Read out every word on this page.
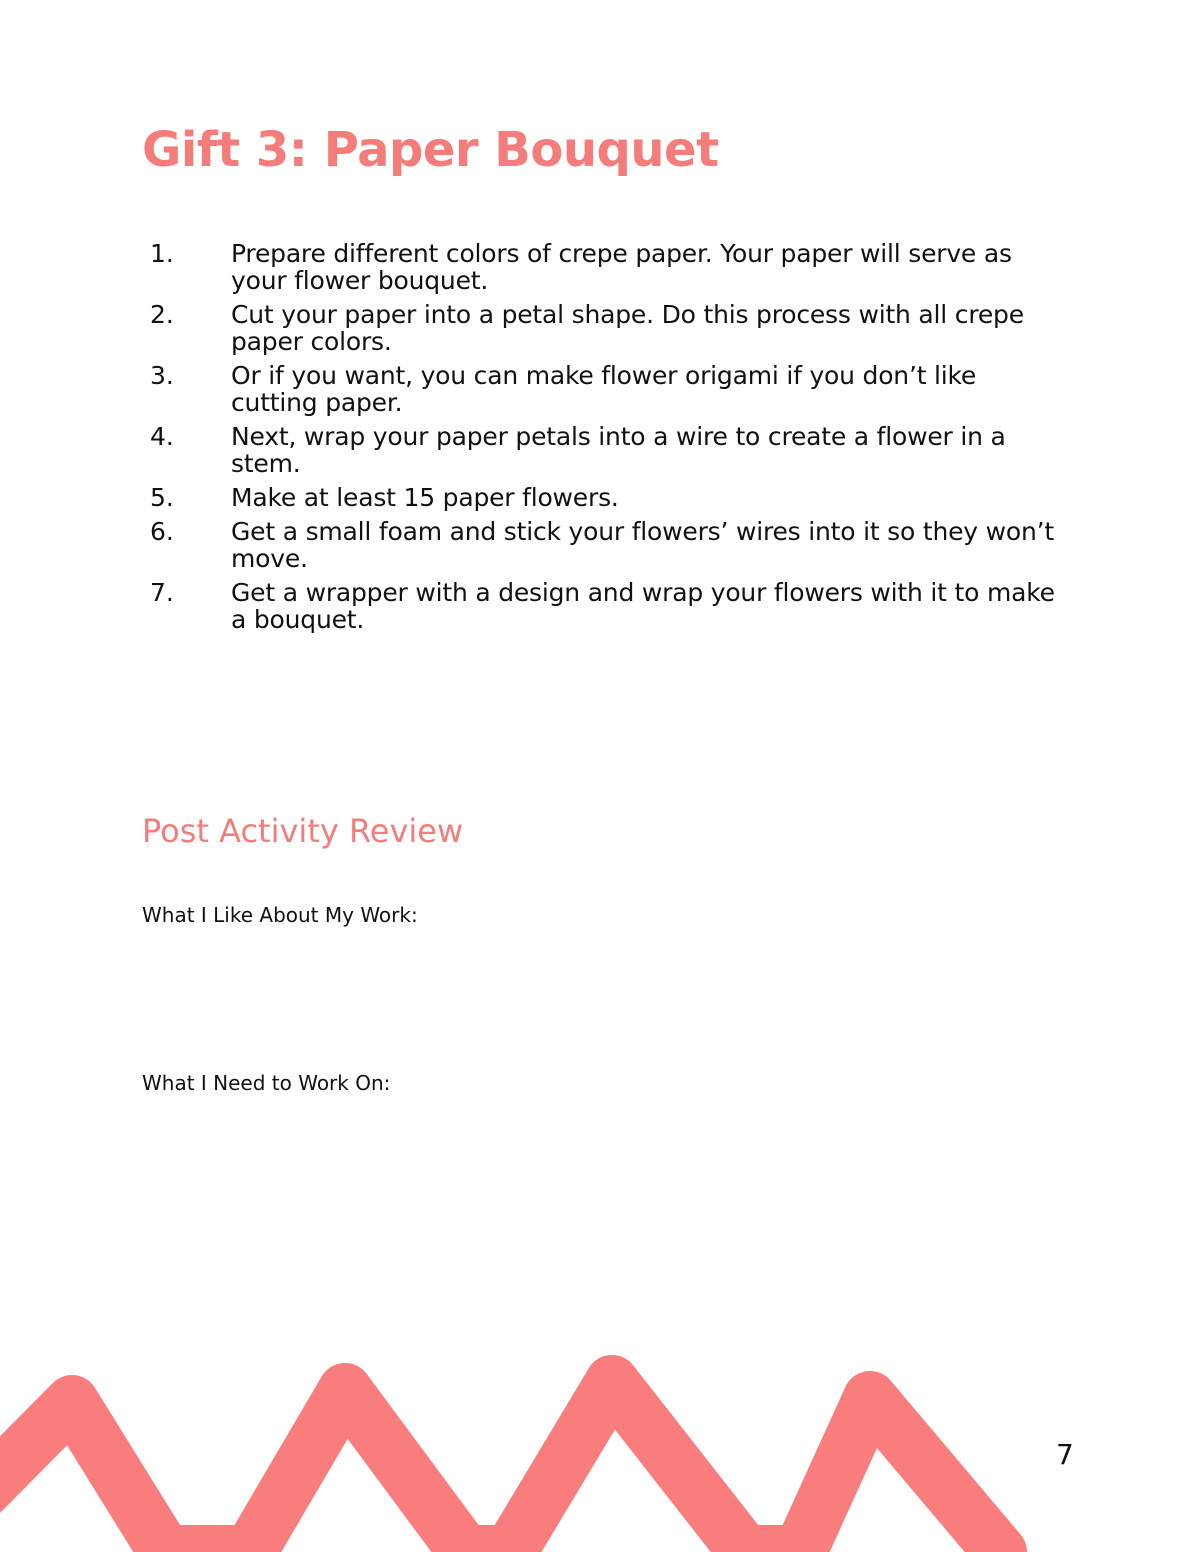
Gift 3: Paper Bouquet
1.	Prepare different colors of crepe paper. Your paper will serve as your flower bouquet.
2.	Cut your paper into a petal shape. Do this process with all crepe paper colors.
3.	Or if you want, you can make flower origami if you don’t like cutting paper.
4.	Next, wrap your paper petals into a wire to create a flower in a stem.
5.	Make at least 15 paper flowers.
6.	Get a small foam and stick your flowers’ wires into it so they won’t move.
7.	Get a wrapper with a design and wrap your flowers with it to make a bouquet.
Post Activity Review

What I Like About My Work:

What I Need to Work On:

7
